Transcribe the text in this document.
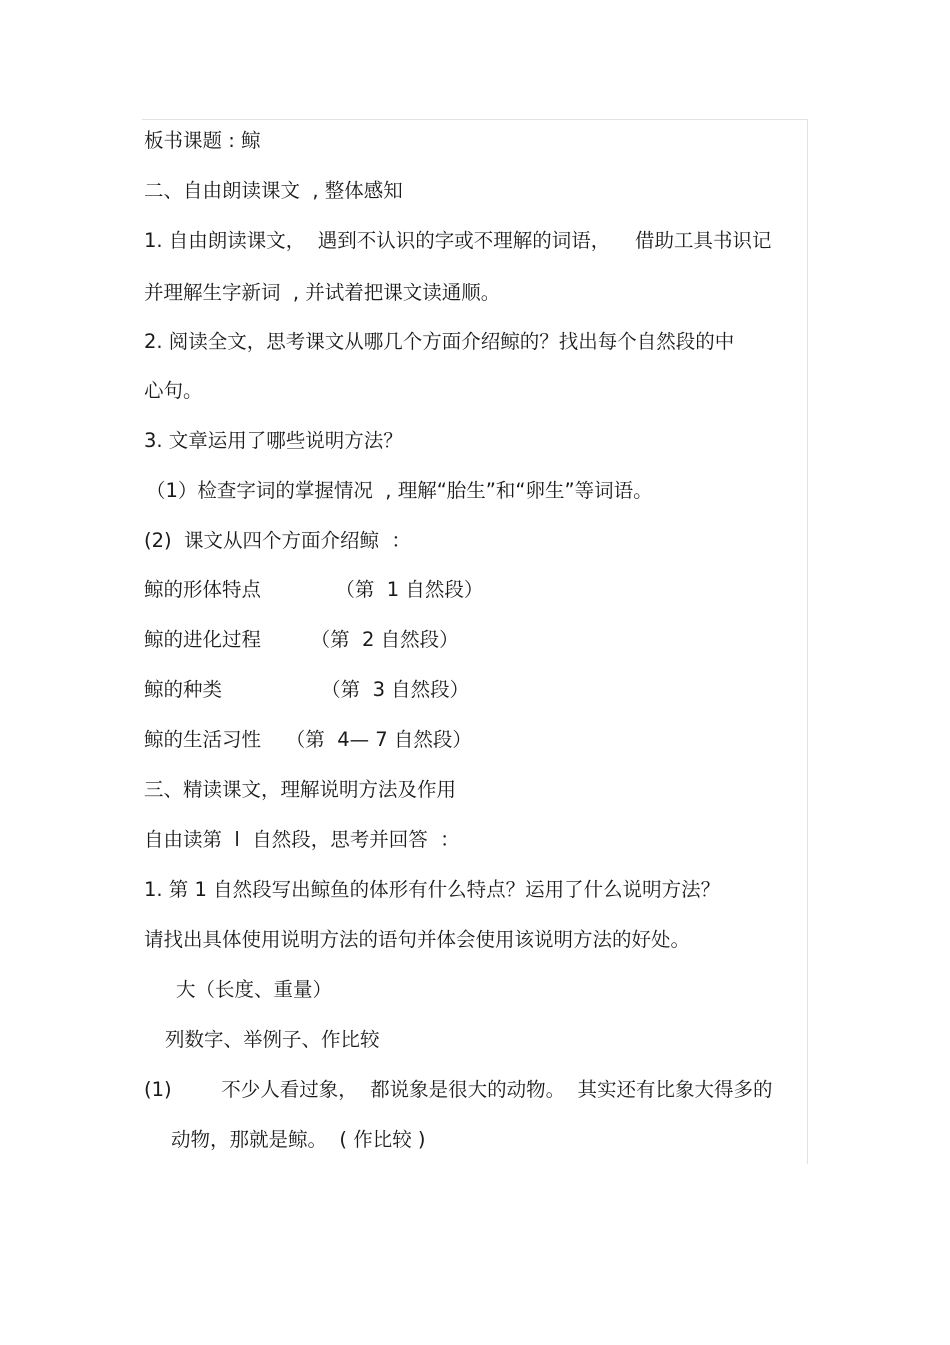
板书课题 : 鲸
二、自由朗读课文  , 整体感知
1. 自由朗读课文，  遇到不认识的字或不理解的词语，    借助工具书识记
并理解生字新词  , 并试着把课文读通顺。
2. 阅读全文，思考课文从哪几个方面介绍鲸的？找出每个自然段的中
心句。
3. 文章运用了哪些说明方法？
（1）检查字词的掌握情况  , 理解“胎生”和“卵生”等词语。
(2)  课文从四个方面介绍鲸  ：
鲸的形体特点            （第  1 自然段）
鲸的进化过程        （第  2 自然段）
鲸的种类                （第  3 自然段）
鲸的生活习性    （第  4— 7 自然段）
三、精读课文，理解说明方法及作用
自由读第  l  自然段，思考并回答  ：
1. 第 1 自然段写出鲸鱼的体形有什么特点？运用了什么说明方法？
请找出具体使用说明方法的语句并体会使用该说明方法的好处。
大（长度、重量）
列数字、举例子、作比较
(1)        不少人看过象，  都说象是很大的动物。  其实还有比象大得多的
动物，那就是鲸。  ( 作比较 )
